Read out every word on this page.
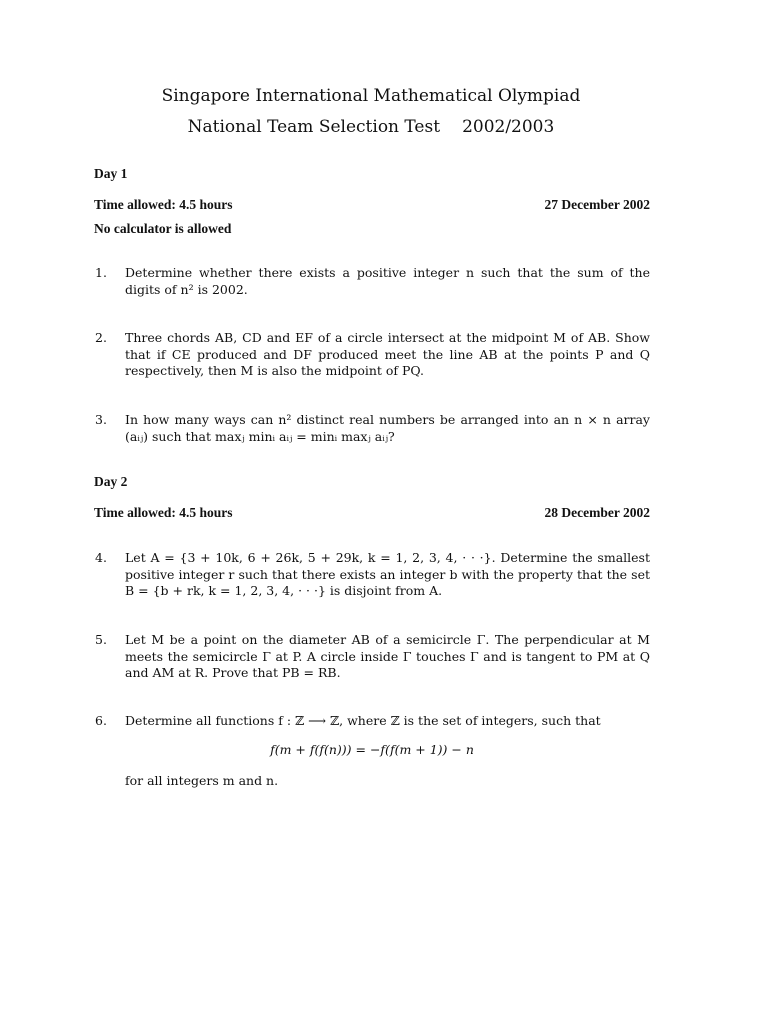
Singapore International Mathematical Olympiad
National Team Selection Test 2002/2003
Day 1
Time allowed: 4.5 hours	27 December 2002
No calculator is allowed
1. Determine whether there exists a positive integer n such that the sum of the digits of n² is 2002.
2. Three chords AB, CD and EF of a circle intersect at the midpoint M of AB. Show that if CE produced and DF produced meet the line AB at the points P and Q respectively, then M is also the midpoint of PQ.
3. In how many ways can n² distinct real numbers be arranged into an n × n array (aᵢⱼ) such that maxⱼ minᵢ aᵢⱼ = minᵢ maxⱼ aᵢⱼ?
Day 2
Time allowed: 4.5 hours	28 December 2002
4. Let A = {3 + 10k, 6 + 26k, 5 + 29k, k = 1, 2, 3, 4, · · ·}. Determine the smallest positive integer r such that there exists an integer b with the property that the set B = {b + rk, k = 1, 2, 3, 4, · · ·} is disjoint from A.
5. Let M be a point on the diameter AB of a semicircle Γ. The perpendicular at M meets the semicircle Γ at P. A circle inside Γ touches Γ and is tangent to PM at Q and AM at R. Prove that PB = RB.
6. Determine all functions f : ℤ ⟶ ℤ, where ℤ is the set of integers, such that
f(m + f(f(n))) = −f(f(m + 1)) − n
for all integers m and n.
